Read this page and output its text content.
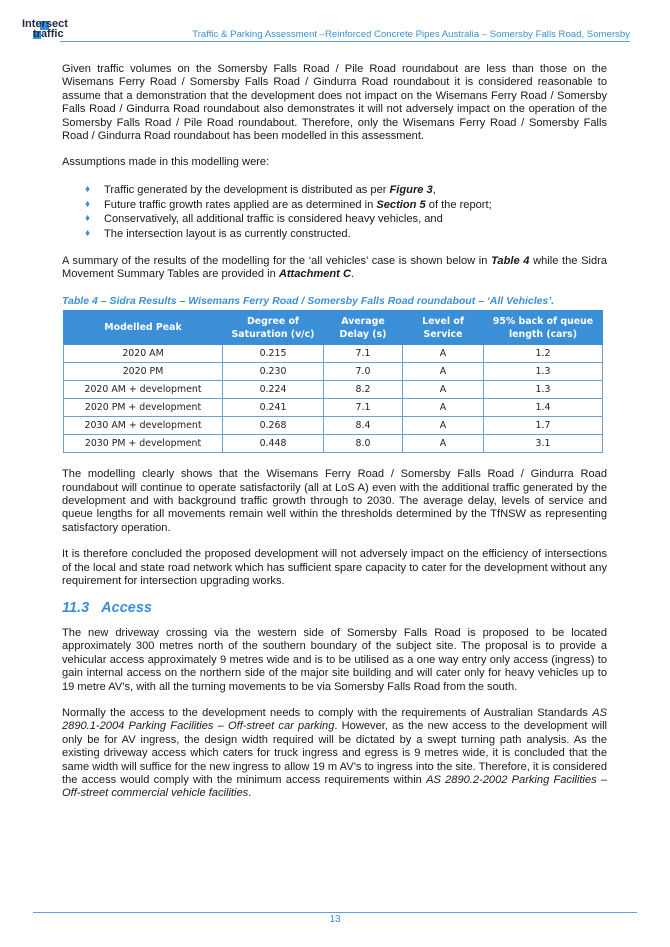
Intersect
traffic	Traffic & Parking Assessment –Reinforced Concrete Pipes Australia – Somersby Falls Road, Somersby

Given traffic volumes on the Somersby Falls Road / Pile Road roundabout are less than those on the Wisemans Ferry Road / Somersby Falls Road / Gindurra Road roundabout it is considered reasonable to assume that a demonstration that the development does not impact on the Wisemans Ferry Road / Somersby Falls Road / Gindurra Road roundabout also demonstrates it will not adversely impact on the operation of the Somersby Falls Road / Pile Road roundabout. Therefore, only the Wisemans Ferry Road / Somersby Falls Road / Gindurra Road roundabout has been modelled in this assessment.

Assumptions made in this modelling were:

♦ Traffic generated by the development is distributed as per Figure 3,
♦ Future traffic growth rates applied are as determined in Section 5 of the report;
♦ Conservatively, all additional traffic is considered heavy vehicles, and
♦ The intersection layout is as currently constructed.

A summary of the results of the modelling for the ‘all vehicles’ case is shown below in Table 4 while the Sidra Movement Summary Tables are provided in Attachment C.

Table 4 – Sidra Results – Wisemans Ferry Road / Somersby Falls Road roundabout – ‘All Vehicles’.
Modelled Peak	Degree of Saturation (v/c)	Average Delay (s)	Level of Service	95% back of queue length (cars)
2020 AM	0.215	7.1	A	1.2
2020 PM	0.230	7.0	A	1.3
2020 AM + development	0.224	8.2	A	1.3
2020 PM + development	0.241	7.1	A	1.4
2030 AM + development	0.268	8.4	A	1.7
2030 PM + development	0.448	8.0	A	3.1

The modelling clearly shows that the Wisemans Ferry Road / Somersby Falls Road / Gindurra Road roundabout will continue to operate satisfactorily (all at LoS A) even with the additional traffic generated by the development and with background traffic growth through to 2030. The average delay, levels of service and queue lengths for all movements remain well within the thresholds determined by the TfNSW as representing satisfactory operation.

It is therefore concluded the proposed development will not adversely impact on the efficiency of intersections of the local and state road network which has sufficient spare capacity to cater for the development without any requirement for intersection upgrading works.

11.3 Access

The new driveway crossing via the western side of Somersby Falls Road is proposed to be located approximately 300 metres north of the southern boundary of the subject site. The proposal is to provide a vehicular access approximately 9 metres wide and is to be utilised as a one way entry only access (ingress) to gain internal access on the northern side of the major site building and will cater only for heavy vehicles up to 19 metre AV’s, with all the turning movements to be via Somersby Falls Road from the south.

Normally the access to the development needs to comply with the requirements of Australian Standards AS 2890.1-2004 Parking Facilities – Off-street car parking. However, as the new access to the development will only be for AV ingress, the design width required will be dictated by a swept turning path analysis. As the existing driveway access which caters for truck ingress and egress is 9 metres wide, it is concluded that the same width will suffice for the new ingress to allow 19 m AV’s to ingress into the site. Therefore, it is considered the access would comply with the minimum access requirements within AS 2890.2-2002 Parking Facilities – Off-street commercial vehicle facilities.

13
